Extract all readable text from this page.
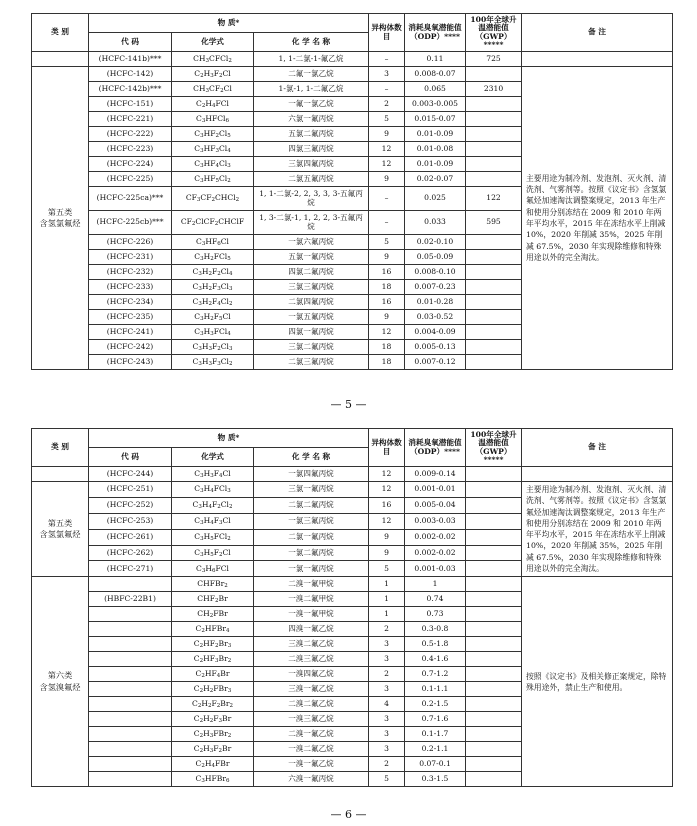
类 别	物 质*			异构体数目	消耗臭氧潜能值（ODP）****	100年全球升温潜能值（GWP）*****	备 注
	代 码	化学式	化 学 名 称				
	(HCFC-141b)***	$CH_3CFCl_2$	1, 1-二氯-1-氟乙烷	–	0.11	725	
第五类
含氢氯氟烃	(HCFC-142)	$C_2H_3F_2Cl$	二氟一氯乙烷	3	0.008-0.07		主要用途为制冷剂、发泡剂、灭火剂、清洗剂、气雾剂等。按照《议定书》含氢氯氟烃加速淘汰调整案规定，2013 年生产和使用分别冻结在 2009 和 2010 年两年平均水平，2015 年在冻结水平上削减 10%，2020 年削减 35%，2025 年削减 67.5%，2030 年实现除维修和特殊用途以外的完全淘汰。
	(HCFC-142b)***	$CH_3CF_2Cl$	1-氯-1, 1-二氟乙烷	–	0.065	2310	
	(HCFC-151)	$C_2H_4FCl$	一氟一氯乙烷	2	0.003-0.005		
	(HCFC-221)	$C_3HFCl_6$	六氯一氟丙烷	5	0.015-0.07		
	(HCFC-222)	$C_3HF_2Cl_5$	五氯二氟丙烷	9	0.01-0.09		
	(HCFC-223)	$C_3HF_3Cl_4$	四氯三氟丙烷	12	0.01-0.08		
	(HCFC-224)	$C_3HF_4Cl_3$	三氯四氟丙烷	12	0.01-0.09		
	(HCFC-225)	$C_3HF_5Cl_2$	二氯五氟丙烷	9	0.02-0.07		
	(HCFC-225ca)***	$CF_3CF_2CHCl_2$	1, 1-二氯-2, 2, 3, 3, 3-五氟丙烷	–	0.025	122	
	(HCFC-225cb)***	$CF_2ClCF_2CHClF$	1, 3-二氯-1, 1, 2, 2, 3-五氟丙烷	–	0.033	595	
	(HCFC-226)	$C_3HF_6Cl$	一氯六氟丙烷	5	0.02-0.10		
	(HCFC-231)	$C_3H_2FCl_5$	五氯一氟丙烷	9	0.05-0.09		
	(HCFC-232)	$C_3H_2F_2Cl_4$	四氯二氟丙烷	16	0.008-0.10		
	(HCFC-233)	$C_3H_2F_3Cl_3$	三氯三氟丙烷	18	0.007-0.23		
	(HCFC-234)	$C_3H_2F_4Cl_2$	二氯四氟丙烷	16	0.01-0.28		
	(HCFC-235)	$C_3H_2F_5Cl$	一氯五氟丙烷	9	0.03-0.52		
	(HCFC-241)	$C_3H_3FCl_4$	四氯一氟丙烷	12	0.004-0.09		
	(HCFC-242)	$C_3H_3F_2Cl_3$	三氯二氟丙烷	18	0.005-0.13		
	(HCFC-243)	$C_3H_3F_3Cl_2$	二氯三氟丙烷	18	0.007-0.12		
— 5 —
类 别	物 质*			异构体数目	消耗臭氧潜能值（ODP）****	100年全球升温潜能值（GWP）*****	备 注
	代 码	化学式	化 学 名 称				
	(HCFC-244)	$C_3H_3F_4Cl$	一氯四氟丙烷	12	0.009-0.14		
第五类
含氢氯氟烃	(HCFC-251)	$C_3H_4FCl_3$	三氯一氟丙烷	12	0.001-0.01		主要用途为制冷剂、发泡剂、灭火剂、清洗剂、气雾剂等。按照《议定书》含氢氯氟烃加速淘汰调整案规定，2013 年生产和使用分别冻结在 2009 和 2010 年两年平均水平，2015 年在冻结水平上削减 10%，2020 年削减 35%，2025 年削减 67.5%，2030 年实现除维修和特殊用途以外的完全淘汰。
	(HCFC-252)	$C_3H_4F_2Cl_2$	二氯二氟丙烷	16	0.005-0.04		
	(HCFC-253)	$C_3H_4F_3Cl$	一氯三氟丙烷	12	0.003-0.03		
	(HCFC-261)	$C_3H_5FCl_2$	二氯一氟丙烷	9	0.002-0.02		
	(HCFC-262)	$C_3H_5F_2Cl$	一氯二氟丙烷	9	0.002-0.02		
	(HCFC-271)	$C_3H_6FCl$	一氯一氟丙烷	5	0.001-0.03		
第六类
含氢溴氟烃		CHFBr$_2$	二溴一氟甲烷	1	1		按照《议定书》及相关修正案规定，除特殊用途外，禁止生产和使用。
	(HBFC-22B1)	$CHF_2Br$	一溴二氟甲烷	1	0.74		
		$CH_2FBr$	一溴一氟甲烷	1	0.73		
		$C_2HFBr_4$	四溴一氟乙烷	2	0.3-0.8		
		$C_2HF_2Br_3$	三溴二氟乙烷	3	0.5-1.8		
		$C_2HF_3Br_2$	二溴三氟乙烷	3	0.4-1.6		
		$C_2HF_4Br$	一溴四氟乙烷	2	0.7-1.2		
		$C_2H_2FBr_3$	三溴一氟乙烷	3	0.1-1.1		
		$C_2H_2F_2Br_2$	二溴二氟乙烷	4	0.2-1.5		
		$C_2H_2F_3Br$	一溴三氟乙烷	3	0.7-1.6		
		$C_2H_3FBr_2$	二溴一氟乙烷	3	0.1-1.7		
		$C_2H_3F_2Br$	一溴二氟乙烷	3	0.2-1.1		
		$C_2H_4FBr$	一溴一氟乙烷	2	0.07-0.1		
		$C_3HFBr_6$	六溴一氟丙烷	5	0.3-1.5		
— 6 —
